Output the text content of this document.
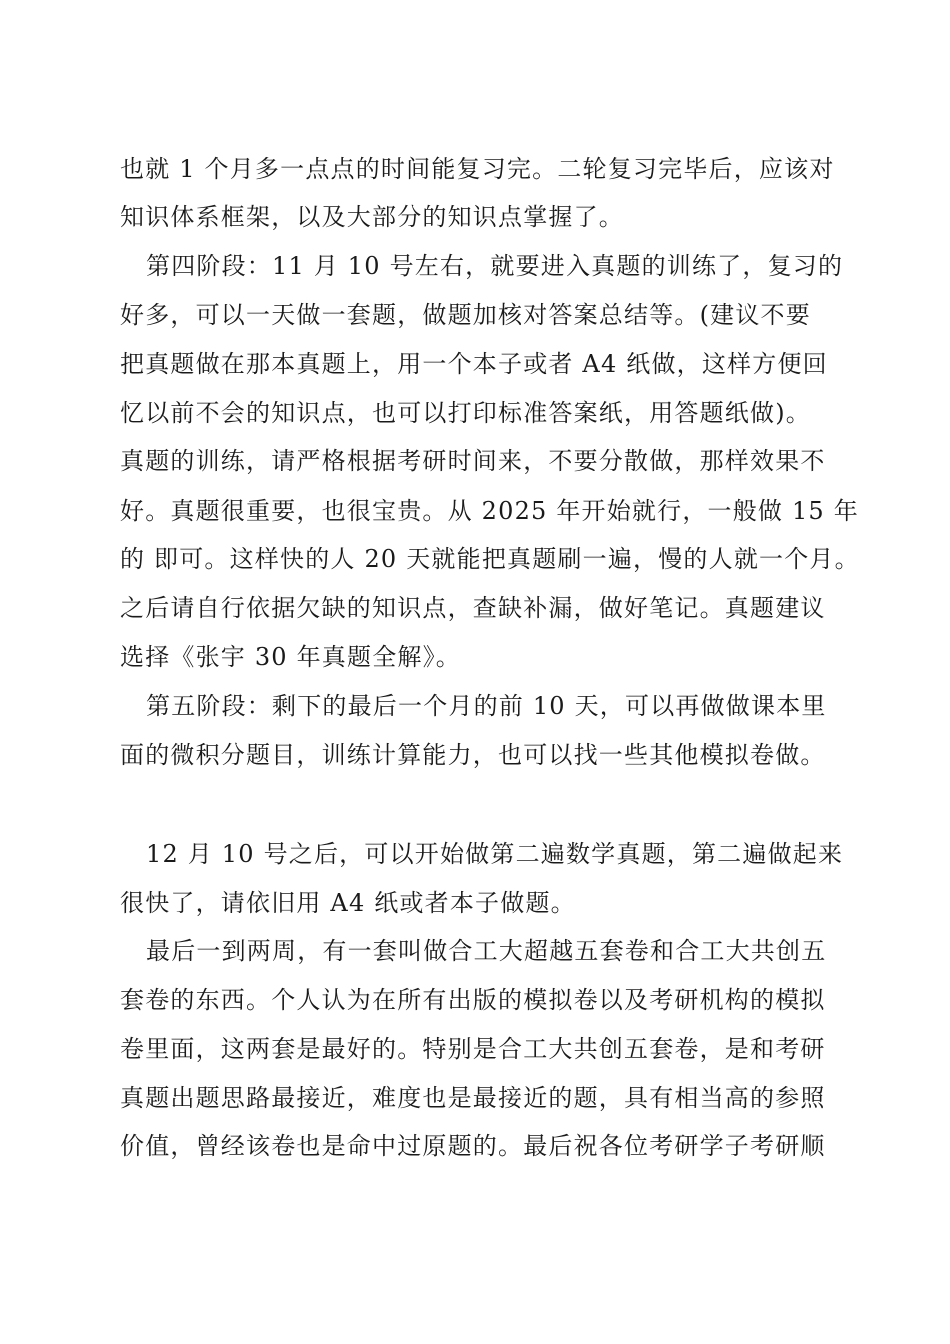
也就 1 个月多一点点的时间能复习完。二轮复习完毕后，应该对
知识体系框架，以及大部分的知识点掌握了。
第四阶段：11 月 10 号左右，就要进入真题的训练了，复习的
好多，可以一天做一套题，做题加核对答案总结等。(建议不要
把真题做在那本真题上，用一个本子或者 A4 纸做，这样方便回
忆以前不会的知识点，也可以打印标准答案纸，用答题纸做)。
真题的训练，请严格根据考研时间来，不要分散做，那样效果不
好。真题很重要，也很宝贵。从 2025 年开始就行，一般做 15 年
的 即可。这样快的人 20 天就能把真题刷一遍，慢的人就一个月。
之后请自行依据欠缺的知识点，查缺补漏，做好笔记。真题建议
选择《张宇 30 年真题全解》。
第五阶段：剩下的最后一个月的前 10 天，可以再做做课本里
面的微积分题目，训练计算能力，也可以找一些其他模拟卷做。
12 月 10 号之后，可以开始做第二遍数学真题，第二遍做起来
很快了，请依旧用 A4 纸或者本子做题。
最后一到两周，有一套叫做合工大超越五套卷和合工大共创五
套卷的东西。个人认为在所有出版的模拟卷以及考研机构的模拟
卷里面，这两套是最好的。特别是合工大共创五套卷，是和考研
真题出题思路最接近，难度也是最接近的题，具有相当高的参照
价值，曾经该卷也是命中过原题的。最后祝各位考研学子考研顺
